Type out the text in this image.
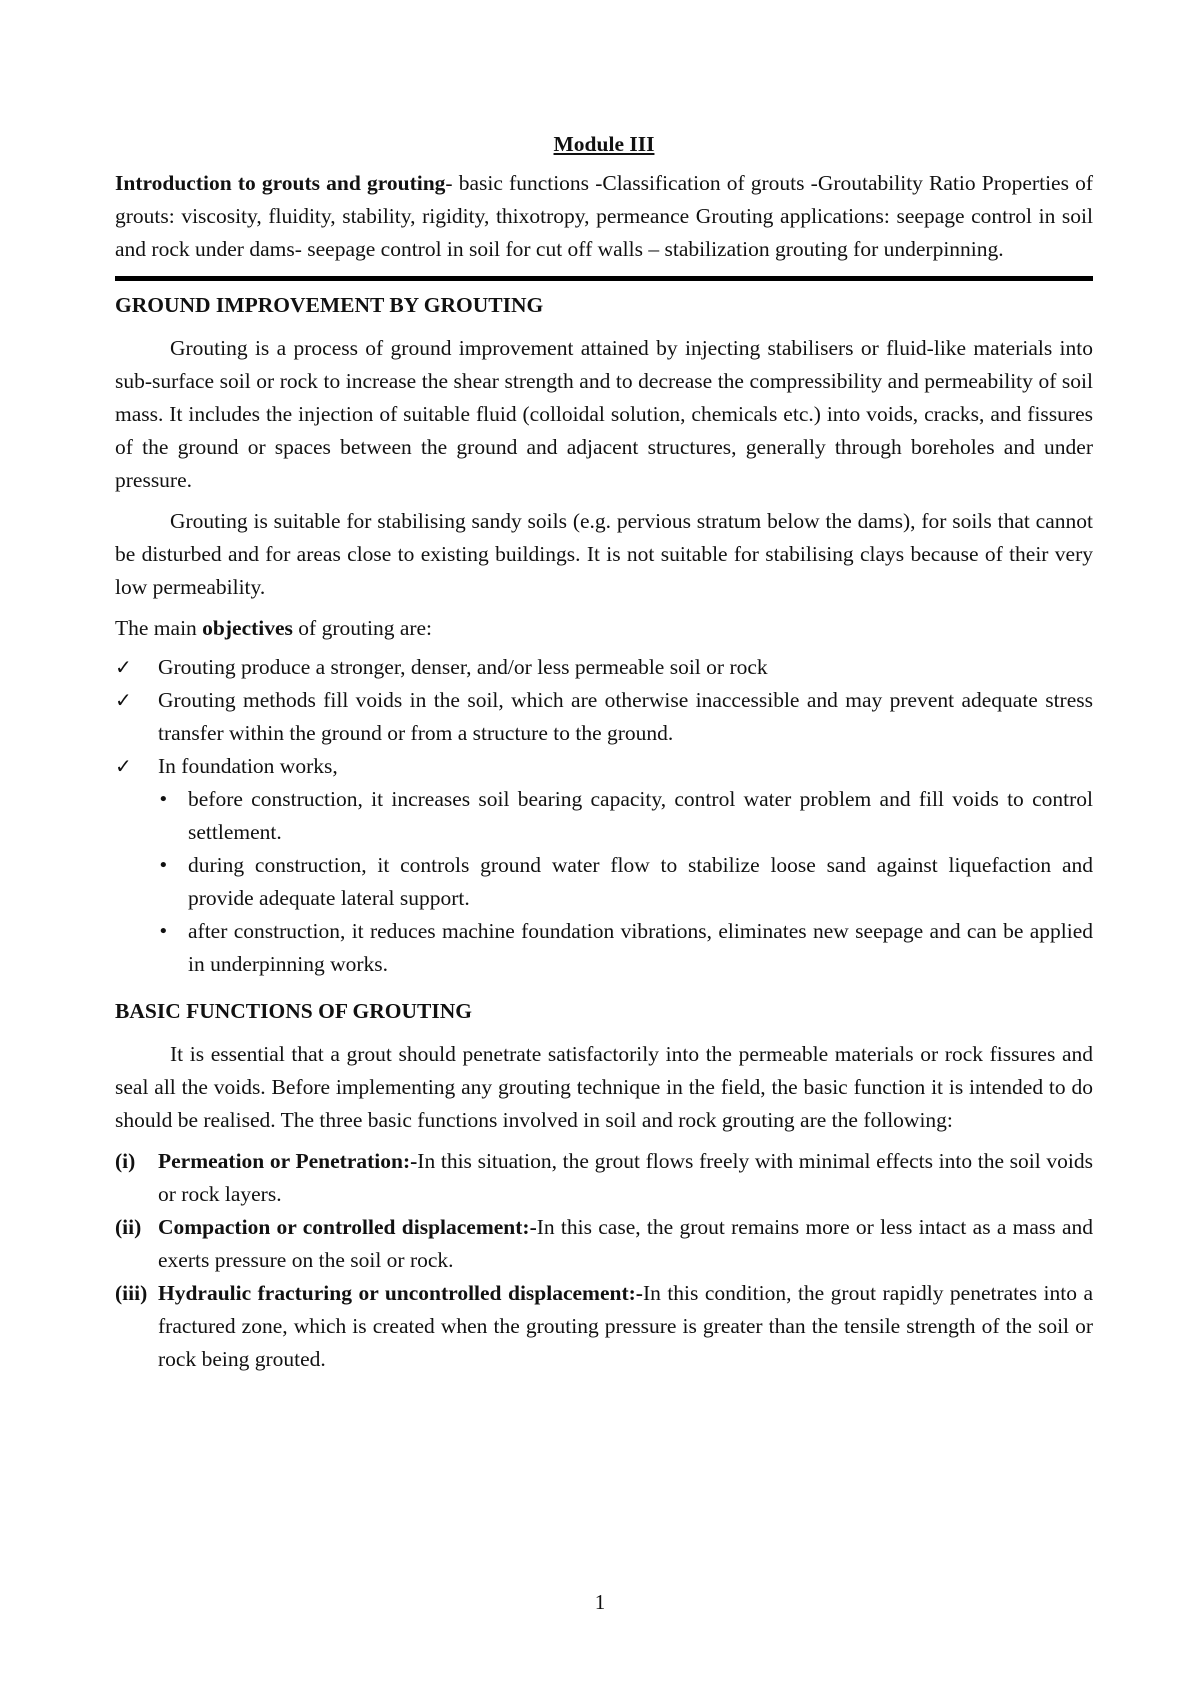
Module III

Introduction to grouts and grouting- basic functions -Classification of grouts -Groutability Ratio Properties of grouts: viscosity, fluidity, stability, rigidity, thixotropy, permeance Grouting applications: seepage control in soil and rock under dams- seepage control in soil for cut off walls – stabilization grouting for underpinning.

GROUND IMPROVEMENT BY GROUTING

Grouting is a process of ground improvement attained by injecting stabilisers or fluid-like materials into sub-surface soil or rock to increase the shear strength and to decrease the compressibility and permeability of soil mass. It includes the injection of suitable fluid (colloidal solution, chemicals etc.) into voids, cracks, and fissures of the ground or spaces between the ground and adjacent structures, generally through boreholes and under pressure.

Grouting is suitable for stabilising sandy soils (e.g. pervious stratum below the dams), for soils that cannot be disturbed and for areas close to existing buildings. It is not suitable for stabilising clays because of their very low permeability.

The main objectives of grouting are:

✓	Grouting produce a stronger, denser, and/or less permeable soil or rock
✓	Grouting methods fill voids in the soil, which are otherwise inaccessible and may prevent adequate stress transfer within the ground or from a structure to the ground.
✓	In foundation works,
• before construction, it increases soil bearing capacity, control water problem and fill voids to control settlement.
• during construction, it controls ground water flow to stabilize loose sand against liquefaction and provide adequate lateral support.
• after construction, it reduces machine foundation vibrations, eliminates new seepage and can be applied in underpinning works.
BASIC FUNCTIONS OF GROUTING

It is essential that a grout should penetrate satisfactorily into the permeable materials or rock fissures and seal all the voids. Before implementing any grouting technique in the field, the basic function it is intended to do should be realised. The three basic functions involved in soil and rock grouting are the following:

(i) Permeation or Penetration:-In this situation, the grout flows freely with minimal effects into the soil voids or rock layers.
(ii) Compaction or controlled displacement:-In this case, the grout remains more or less intact as a mass and exerts pressure on the soil or rock.
(iii) Hydraulic fracturing or uncontrolled displacement:-In this condition, the grout rapidly penetrates into a fractured zone, which is created when the grouting pressure is greater than the tensile strength of the soil or rock being grouted.
1
